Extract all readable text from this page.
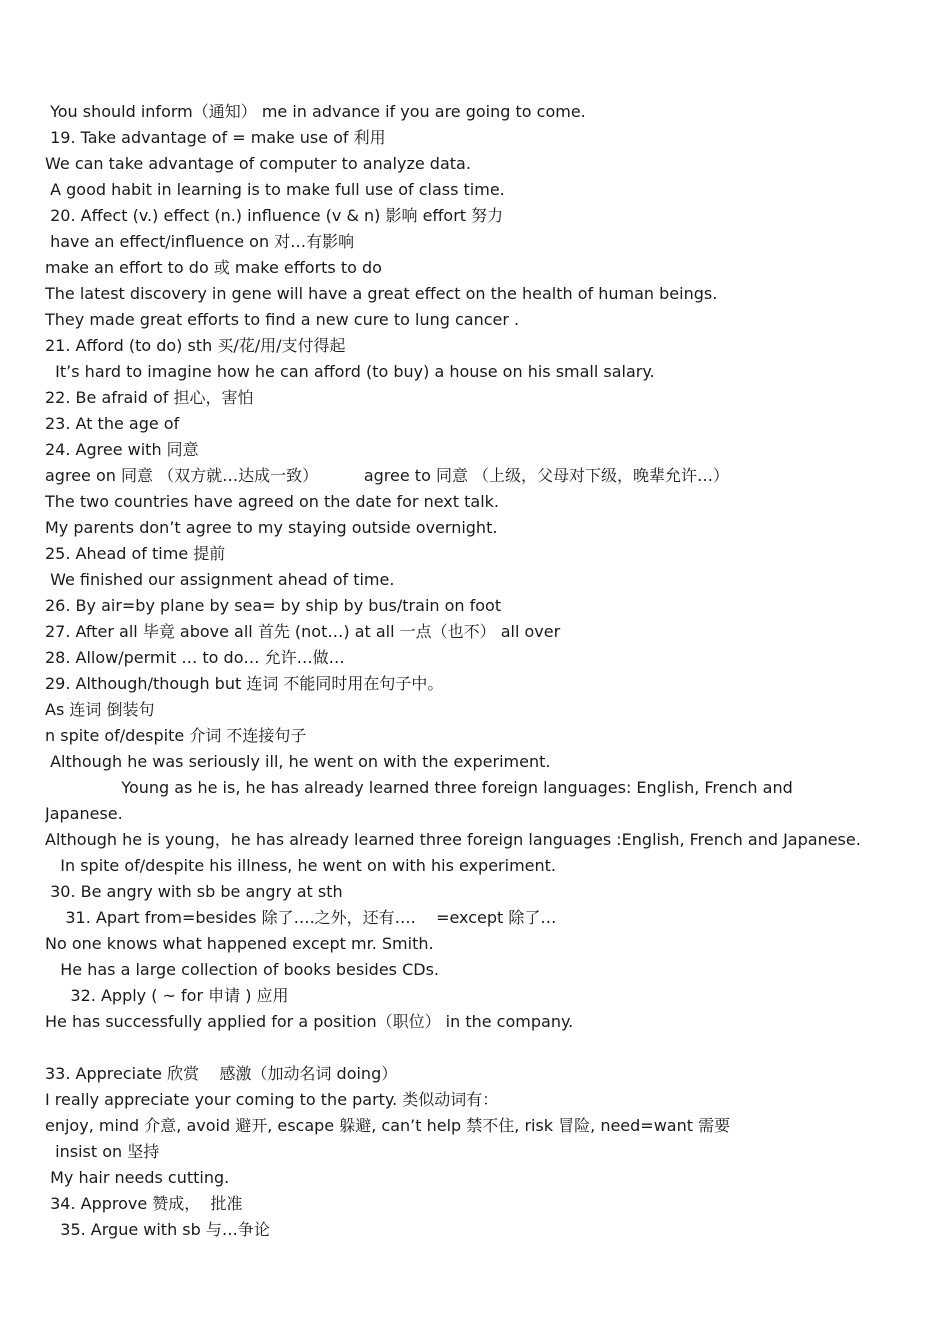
You should inform（通知） me in advance if you are going to come.
19. Take advantage of = make use of 利用
We can take advantage of computer to analyze data.
A good habit in learning is to make full use of class time.
20. Affect (v.) effect (n.) influence (v & n) 影响 effort 努力
have an effect/influence on 对…有影响
make an effort to do 或 make efforts to do
The latest discovery in gene will have a great effect on the health of human beings.
They made great efforts to find a new cure to lung cancer .
21. Afford (to do) sth 买/花/用/支付得起
It’s hard to imagine how he can afford (to buy) a house on his small salary.
22. Be afraid of 担心，害怕
23. At the age of
24. Agree with 同意
agree on 同意 （双方就…达成一致）         agree to 同意 （上级，父母对下级，晚辈允许…）
The two countries have agreed on the date for next talk.
My parents don’t agree to my staying outside overnight.
25. Ahead of time 提前
We finished our assignment ahead of time.
26. By air=by plane by sea= by ship by bus/train on foot
27. After all 毕竟 above all 首先 (not…) at all 一点（也不） all over
28. Allow/permit … to do… 允许…做…
29. Although/though but 连词 不能同时用在句子中。
As 连词 倒装句
n spite of/despite 介词 不连接句子
Although he was seriously ill, he went on with the experiment.
Young as he is, he has already learned three foreign languages: English, French and
Japanese.
Although he is young，he has already learned three foreign languages :English, French and Japanese.
In spite of/despite his illness, he went on with his experiment.
30. Be angry with sb be angry at sth
31. Apart from=besides 除了….之外，还有….    =except 除了…
No one knows what happened except mr. Smith.
He has a large collection of books besides CDs.
32. Apply ( ~ for 申请 ) 应用
He has successfully applied for a position（职位） in the company.
33. Appreciate 欣赏    感激（加动名词 doing）
I really appreciate your coming to the party. 类似动词有：
enjoy, mind 介意, avoid 避开, escape 躲避, can’t help 禁不住, risk 冒险, need=want 需要
insist on 坚持
My hair needs cutting.
34. Approve 赞成，  批准
35. Argue with sb 与…争论
